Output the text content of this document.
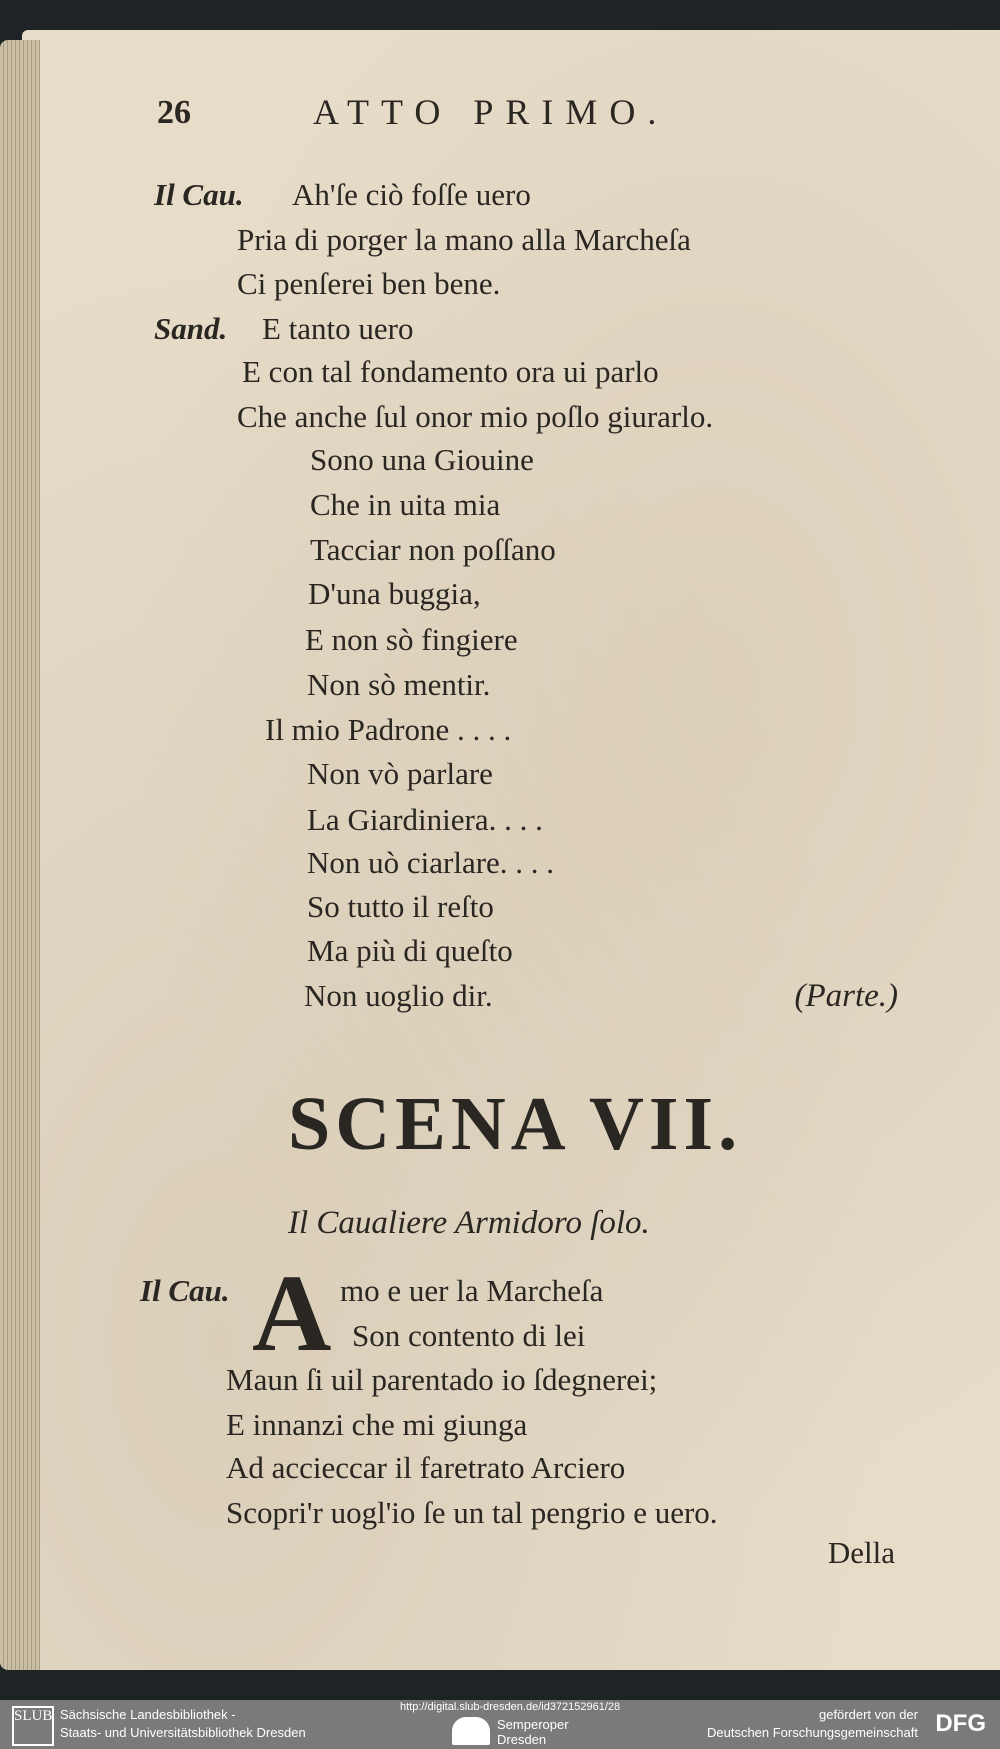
26	ATTO PRIMO.
Il Cau. Ah'ſe ciò foſſe uero
Pria di porger la mano alla Marcheſa
Ci penſerei ben bene.
Sand. E tanto uero
E con tal fondamento ora ui parlo
Che anche ſul onor mio poſlo giurarlo.
Sono una Giouine
Che in uita mia
Tacciar non poſſano
D'una buggia,
E non sò fingiere
Non sò mentir.
Il mio Padrone . . . .
Non vò parlare
La Giardiniera. . . .
Non uò ciarlare. . . .
So tutto il reſto
Ma più di queſto
Non uoglio dir.	(Parte.)
SCENA VII.
Il Caualiere Armidoro ſolo.
Il Cau. A mo e uer la Marcheſa
Son contento di lei
Maun ſi uil parentado io ſdegnerei;
E innanzi che mi giunga
Ad accieccar il faretrato Arciero
Scopri'r uogl'io ſe un tal pengrio e uero.
Della
SLUB Sächsische Landesbibliothek -
Staats- und Universitätsbibliothek Dresden
http://digital.slub-dresden.de/id372152961/28
Semperoper
Dresden
gefördert von der
Deutschen Forschungsgemeinschaft DFG
